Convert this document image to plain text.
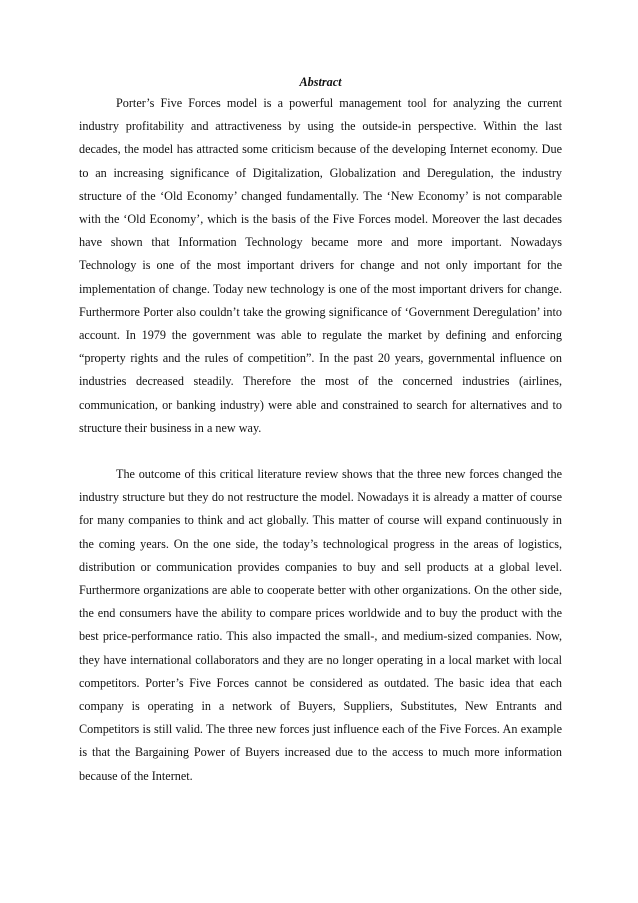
Abstract

Porter’s Five Forces model is a powerful management tool for analyzing the current industry profitability and attractiveness by using the outside-in perspective. Within the last decades, the model has attracted some criticism because of the developing Internet economy. Due to an increasing significance of Digitalization, Globalization and Deregulation, the industry structure of the ‘Old Economy’ changed fundamentally. The ‘New Economy’ is not comparable with the ‘Old Economy’, which is the basis of the Five Forces model. Moreover the last decades have shown that Information Technology became more and more important. Nowadays Technology is one of the most important drivers for change and not only important for the implementation of change. Today new technology is one of the most important drivers for change. Furthermore Porter also couldn’t take the growing significance of ‘Government Deregulation’ into account. In 1979 the government was able to regulate the market by defining and enforcing “property rights and the rules of competition”. In the past 20 years, governmental influence on industries decreased steadily. Therefore the most of the concerned industries (airlines, communication, or banking industry) were able and constrained to search for alternatives and to structure their business in a new way.

The outcome of this critical literature review shows that the three new forces changed the industry structure but they do not restructure the model. Nowadays it is already a matter of course for many companies to think and act globally. This matter of course will expand continuously in the coming years. On the one side, the today’s technological progress in the areas of logistics, distribution or communication provides companies to buy and sell products at a global level. Furthermore organizations are able to cooperate better with other organizations. On the other side, the end consumers have the ability to compare prices worldwide and to buy the product with the best price-performance ratio. This also impacted the small-, and medium-sized companies. Now, they have international collaborators and they are no longer operating in a local market with local competitors. Porter’s Five Forces cannot be considered as outdated. The basic idea that each company is operating in a network of Buyers, Suppliers, Substitutes, New Entrants and Competitors is still valid. The three new forces just influence each of the Five Forces. An example is that the Bargaining Power of Buyers increased due to the access to much more information because of the Internet.
